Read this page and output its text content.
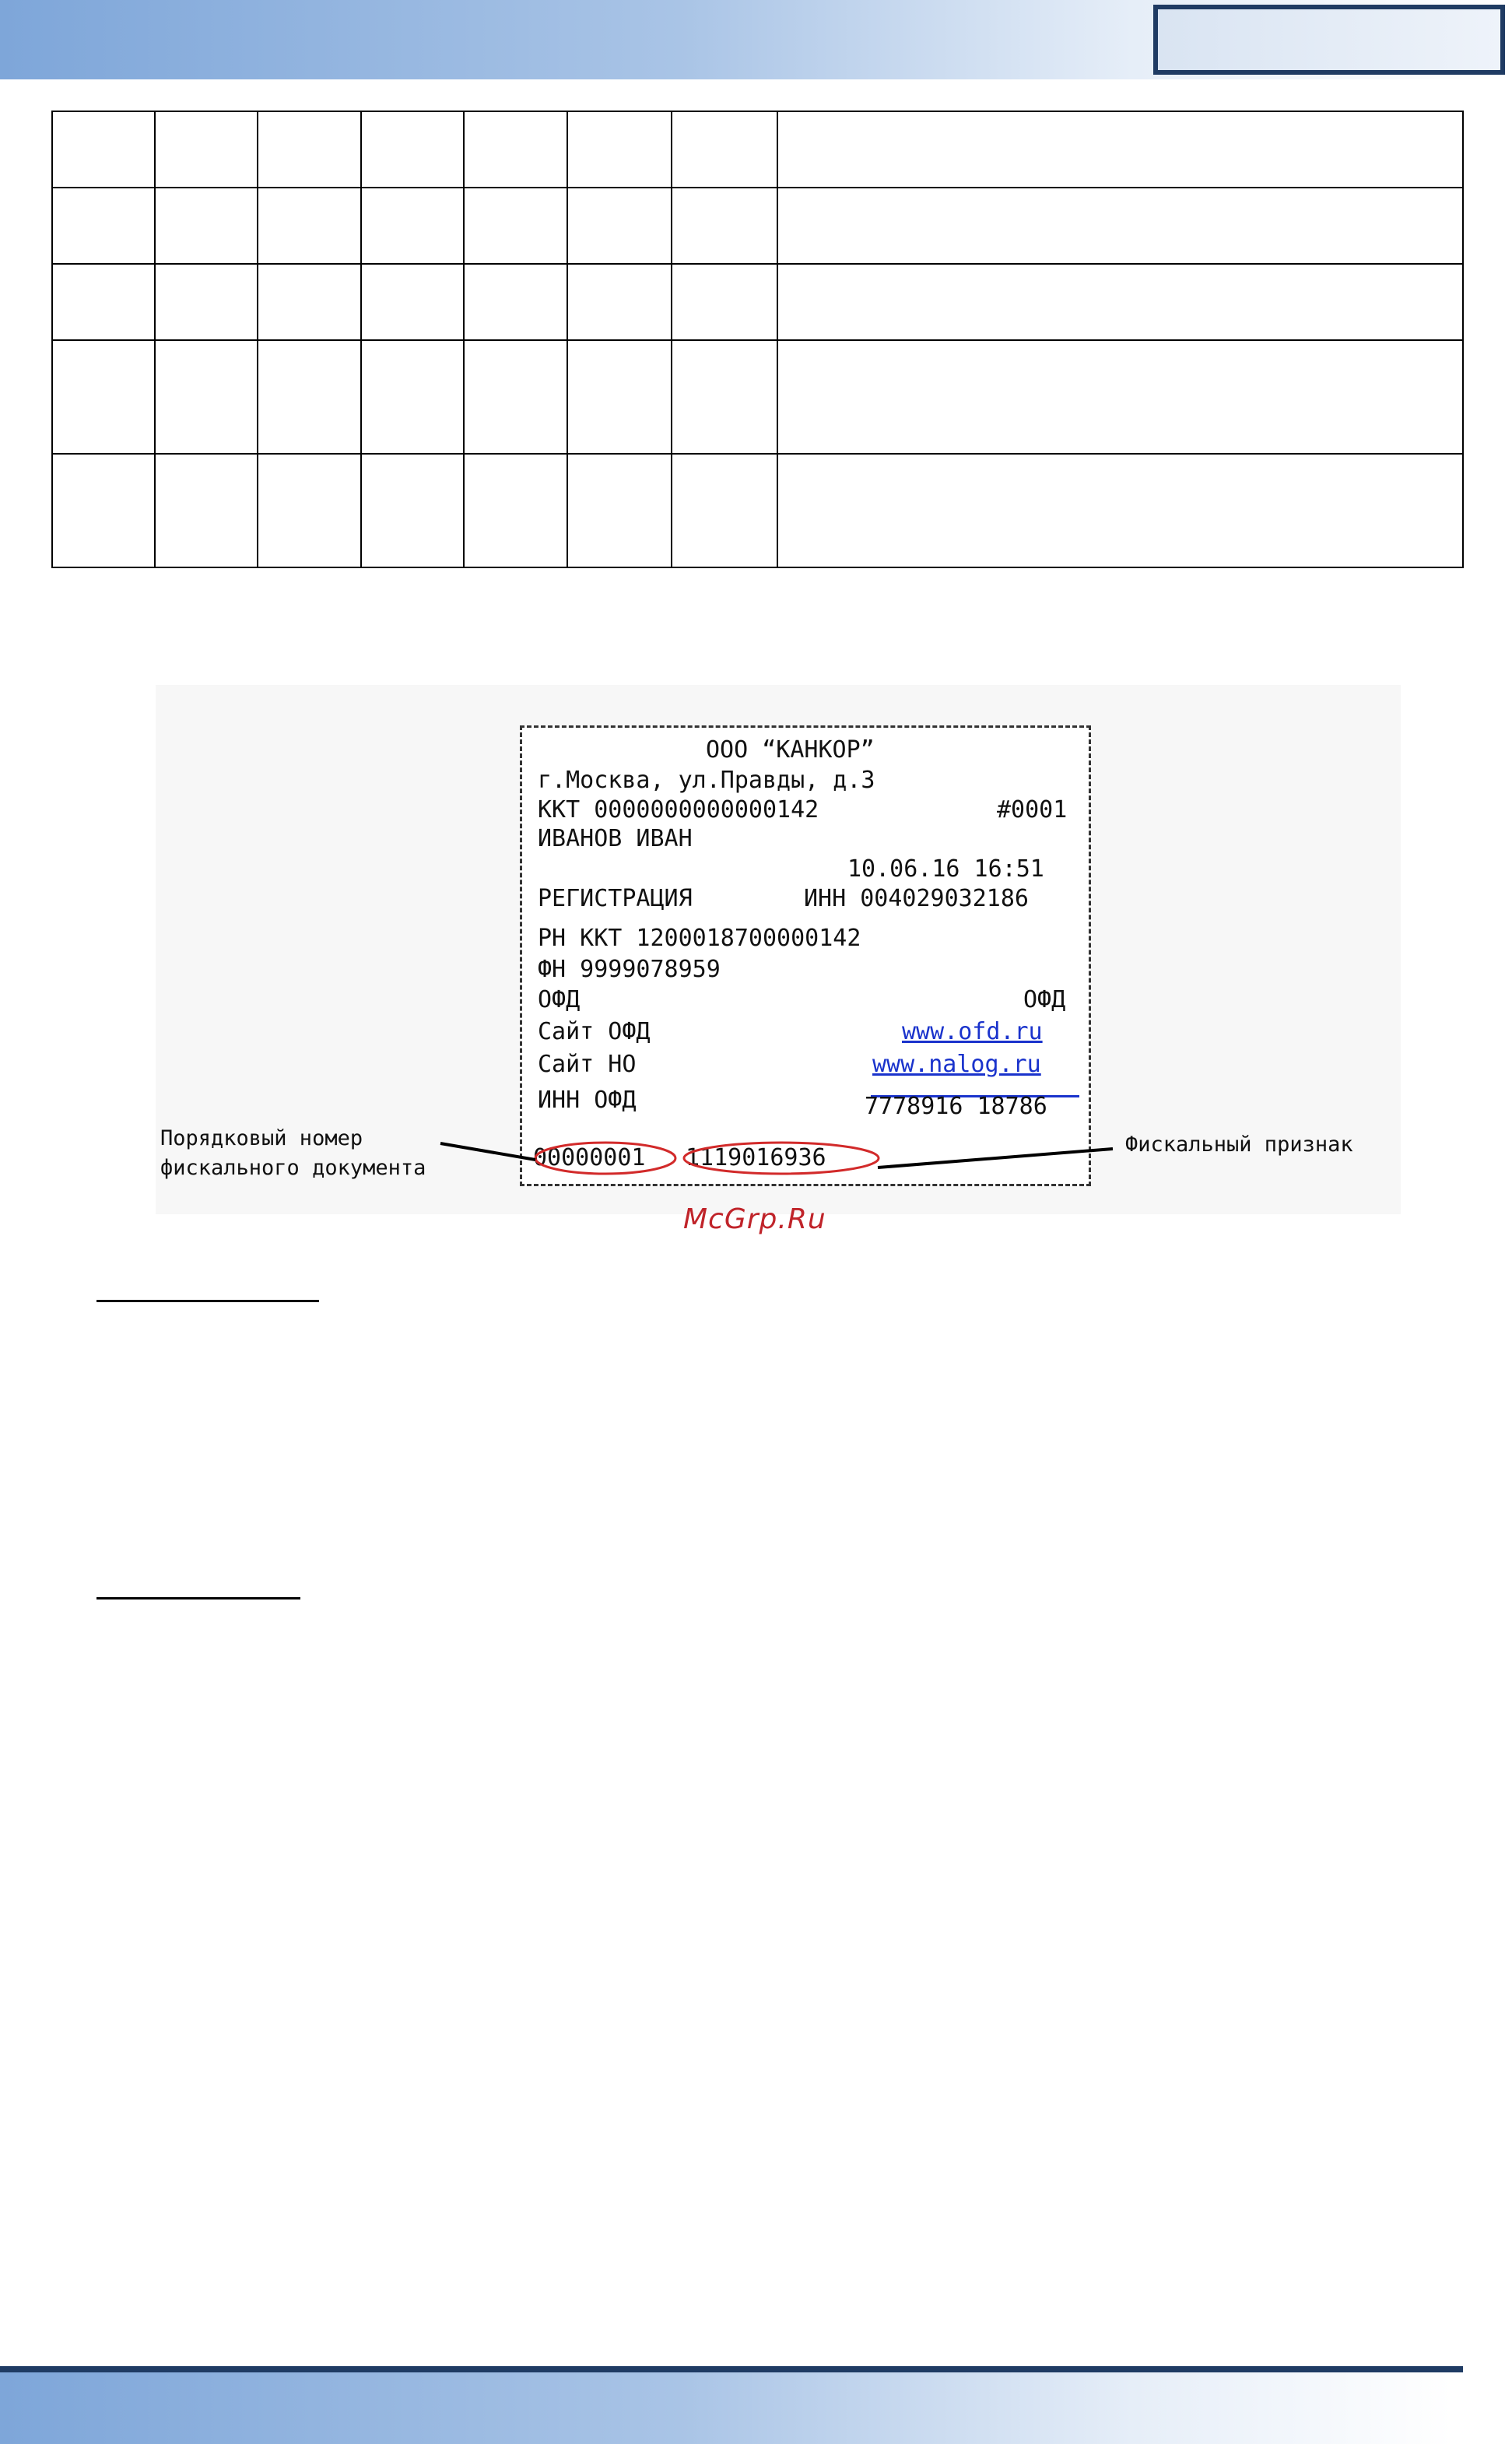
ООО “КАНКОР”
г.Москва, ул.Правды, д.3
ККТ 0000000000000142	#0001
ИВАНОВ ИВАН
10.06.16 16:51
РЕГИСТРАЦИЯ	ИНН 004029032186
РН ККТ 1200018700000142
ФН 9999078959
ОФД	ОФД
Сайт ОФД	www.ofd.ru
Сайт НО	www.nalog.ru
ИНН ОФД	7778916 18786
00000001 1119016936
Порядковый номер
фискального документа
Фискальный признак
McGrp.Ru
